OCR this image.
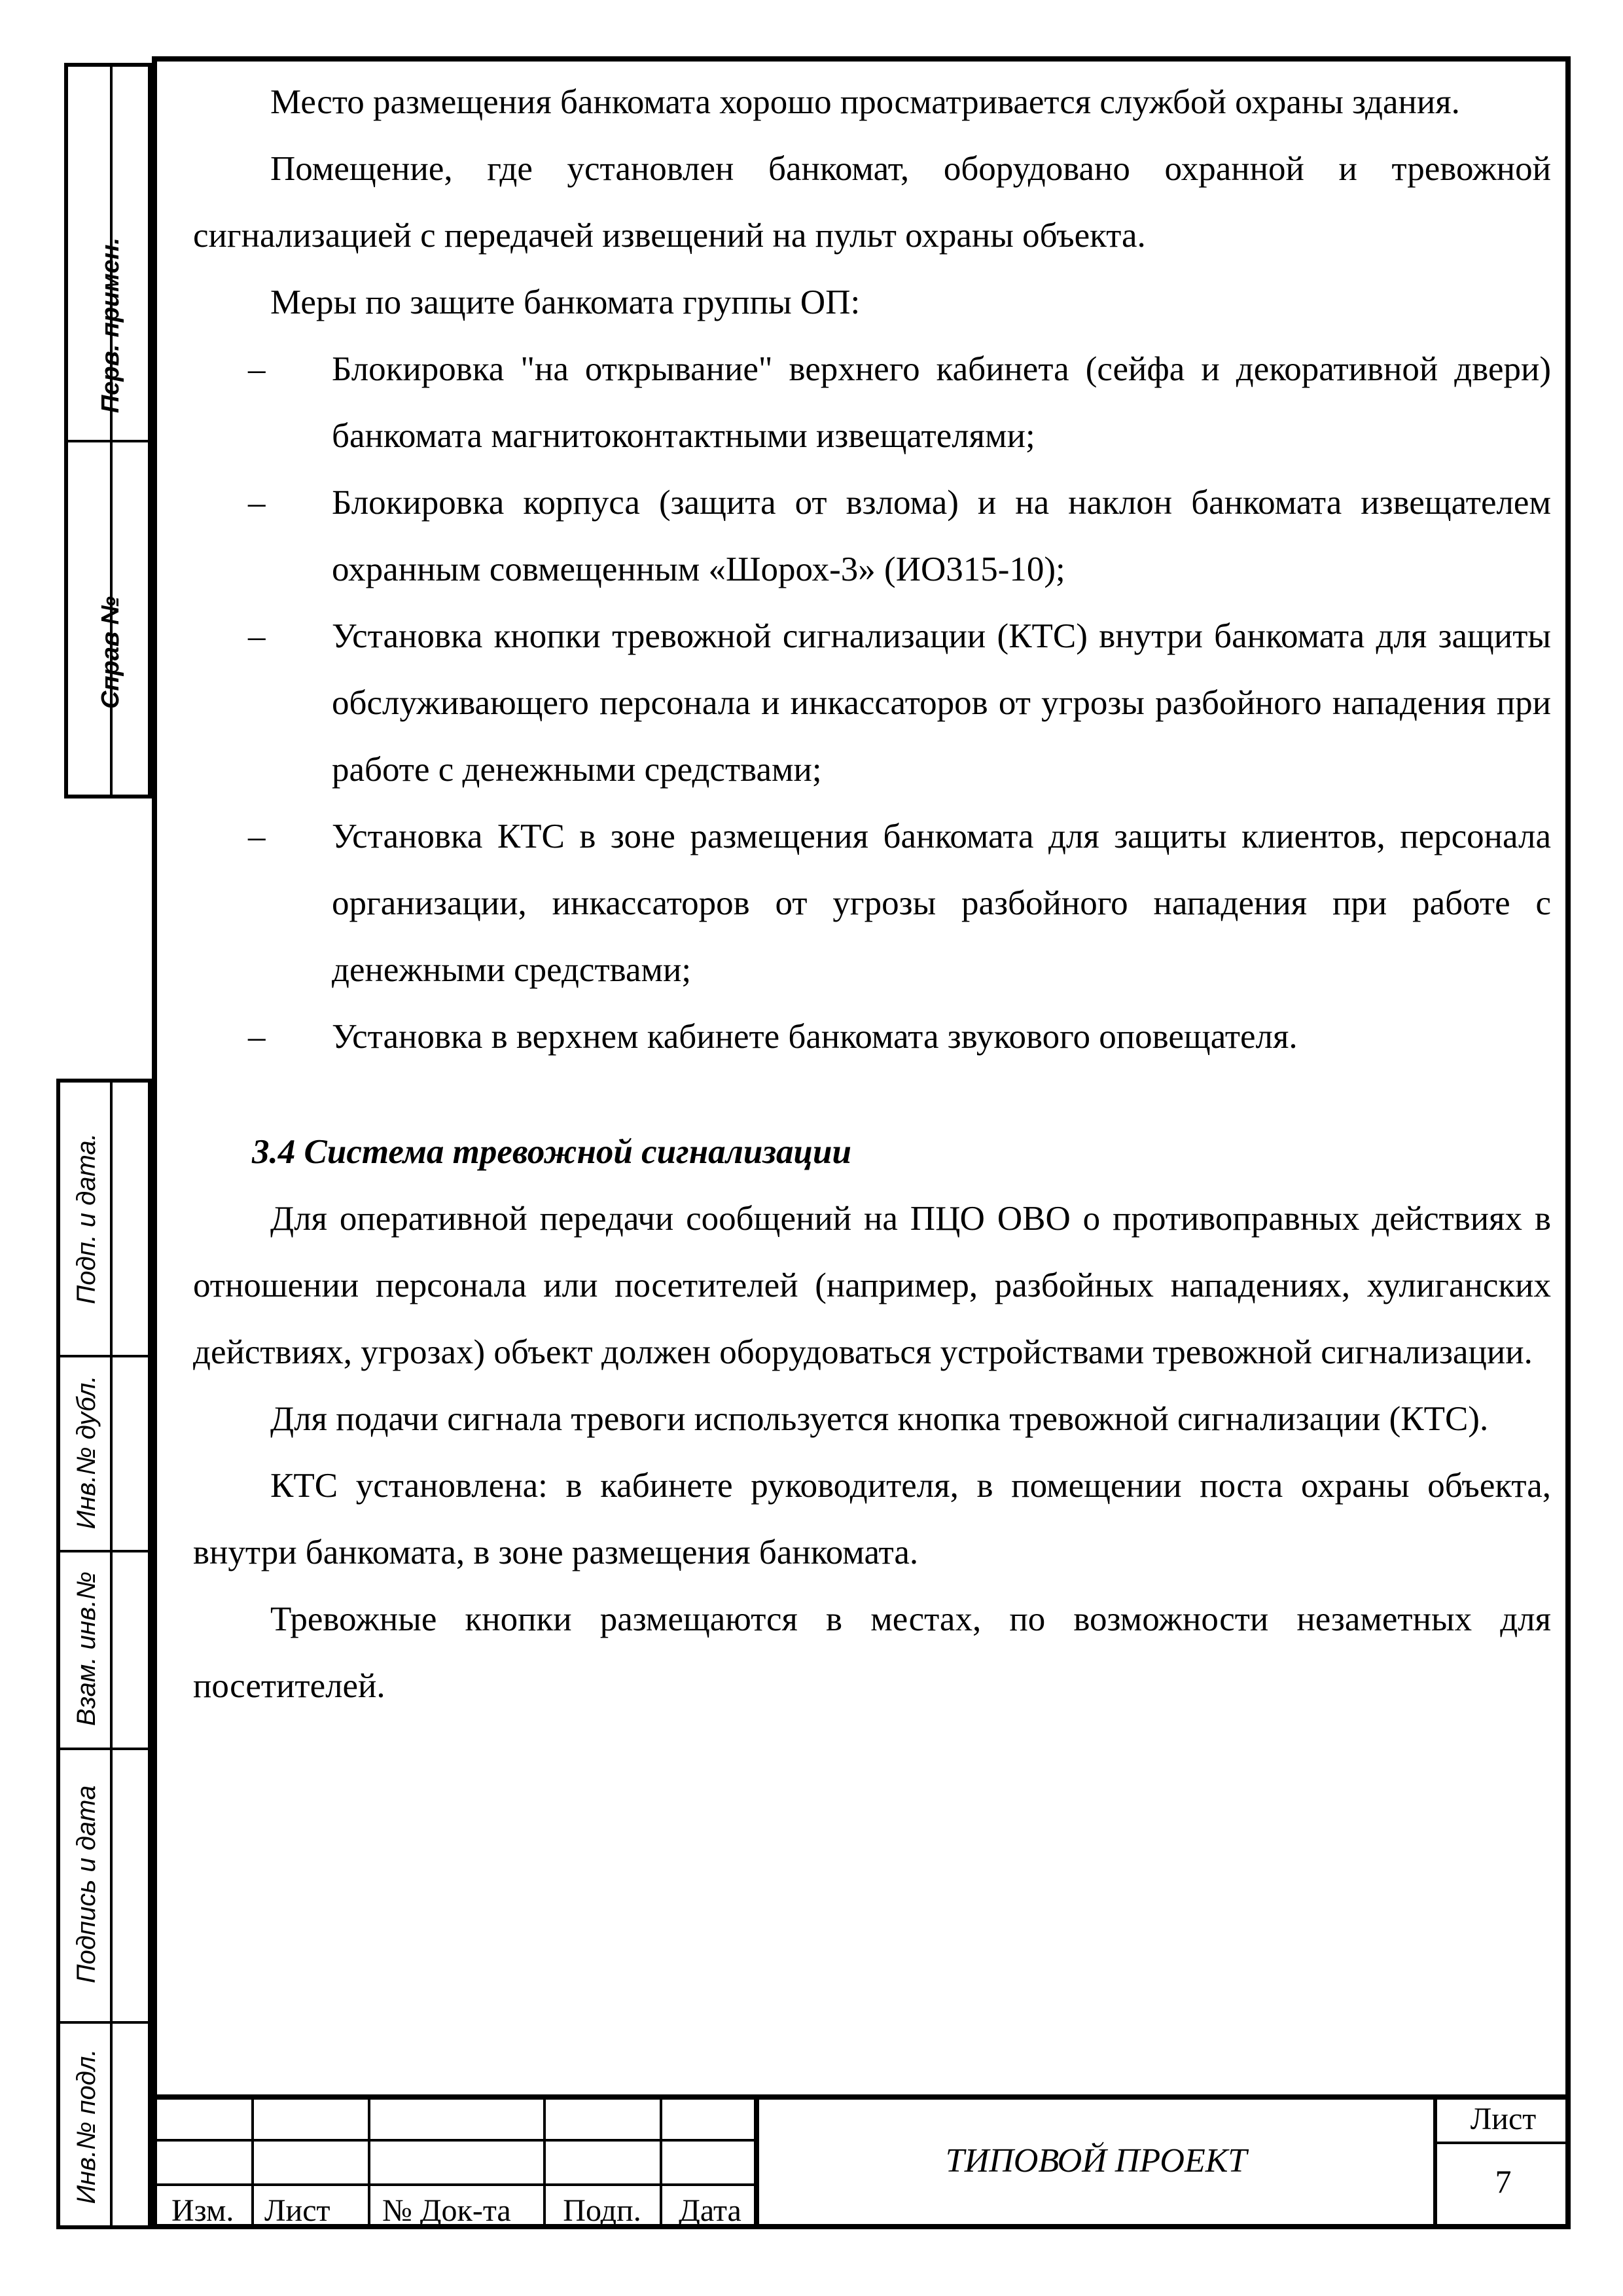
Перв. примен.
Справ №
Подп. и дата.
Инв.№ дубл.
Взам. инв.№
Подпись и дата
Инв.№ подл.

Место размещения банкомата хорошо просматривается службой охраны здания.

Помещение, где установлен банкомат, оборудовано охранной и тревожной сигнализацией с передачей извещений на пульт охраны объекта.

Меры по защите банкомата группы ОП:

– Блокировка "на открывание" верхнего кабинета (сейфа и декоративной двери) банкомата магнитоконтактными извещателями;
– Блокировка корпуса (защита от взлома) и на наклон банкомата извещателем охранным совмещенным «Шорох-3» (ИО315-10);
– Установка кнопки тревожной сигнализации (КТС) внутри банкомата для защиты обслуживающего персонала и инкассаторов от угрозы разбойного нападения при работе с денежными средствами;
– Установка КТС в зоне размещения банкомата для защиты клиентов, персонала организации, инкассаторов от угрозы разбойного нападения при работе с денежными средствами;
– Установка в верхнем кабинете банкомата звукового оповещателя.
3.4 Система тревожной сигнализации

Для оперативной передачи сообщений на ПЦО ОВО о противоправных действиях в отношении персонала или посетителей (например, разбойных нападениях, хулиганских действиях, угрозах) объект должен оборудоваться устройствами тревожной сигнализации.

Для подачи сигнала тревоги используется кнопка тревожной сигнализации (КТС).

КТС установлена: в кабинете руководителя, в помещении поста охраны объекта, внутри банкомата, в зоне размещения банкомата.

Тревожные кнопки размещаются в местах, по возможности незаметных для посетителей.

Изм. Лист № Док-та	Подп.	Дата
ТИПОВОЙ ПРОЕКТ
Лист
7
